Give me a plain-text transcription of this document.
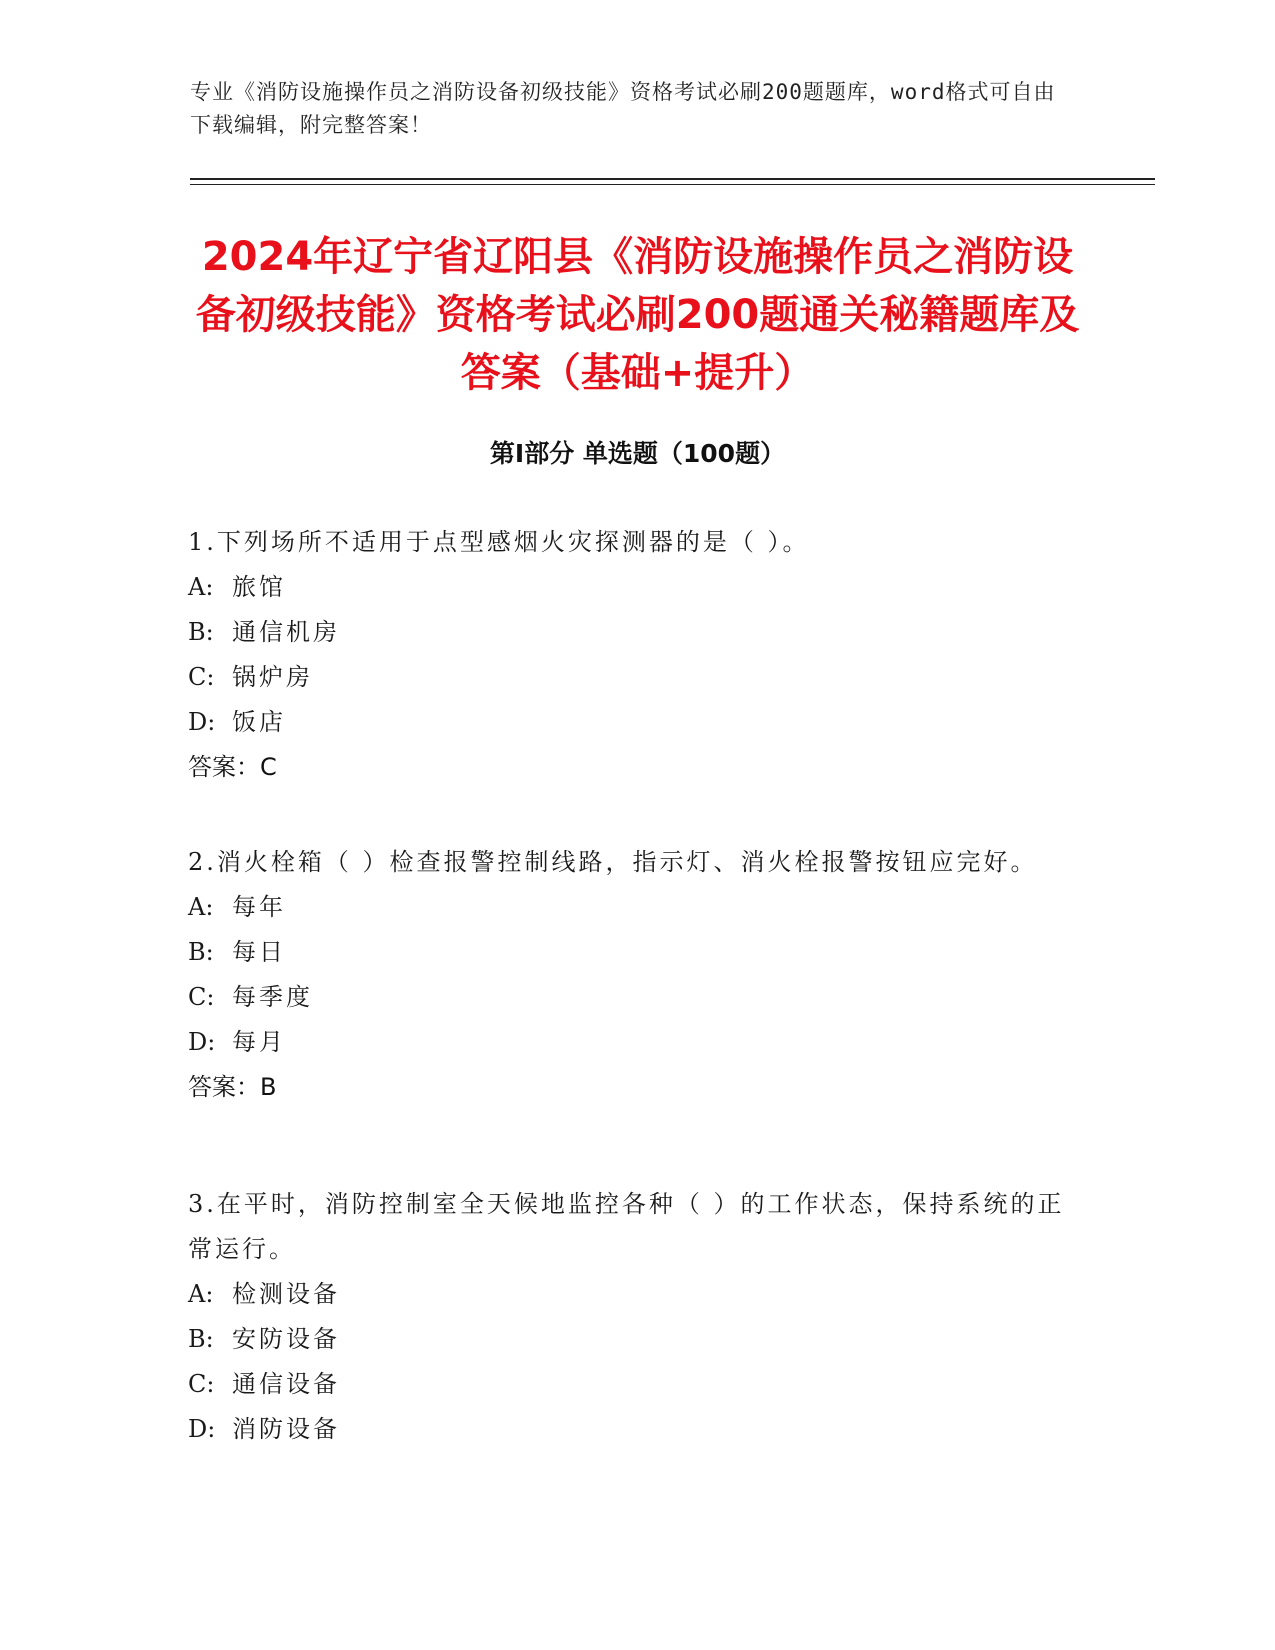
专业《消防设施操作员之消防设备初级技能》资格考试必刷200题题库，word格式可自由下载编辑，附完整答案！
2024年辽宁省辽阳县《消防设施操作员之消防设备初级技能》资格考试必刷200题通关秘籍题库及答案（基础+提升）
第I部分 单选题（100题）
1.下列场所不适用于点型感烟火灾探测器的是（ ）。
A: 旅馆
B: 通信机房
C: 锅炉房
D: 饭店
答案：C
2.消火栓箱（ ）检查报警控制线路，指示灯、消火栓报警按钮应完好。
A: 每年
B: 每日
C: 每季度
D: 每月
答案：B
3.在平时，消防控制室全天候地监控各种（ ）的工作状态，保持系统的正常运行。
A: 检测设备
B: 安防设备
C: 通信设备
D: 消防设备
